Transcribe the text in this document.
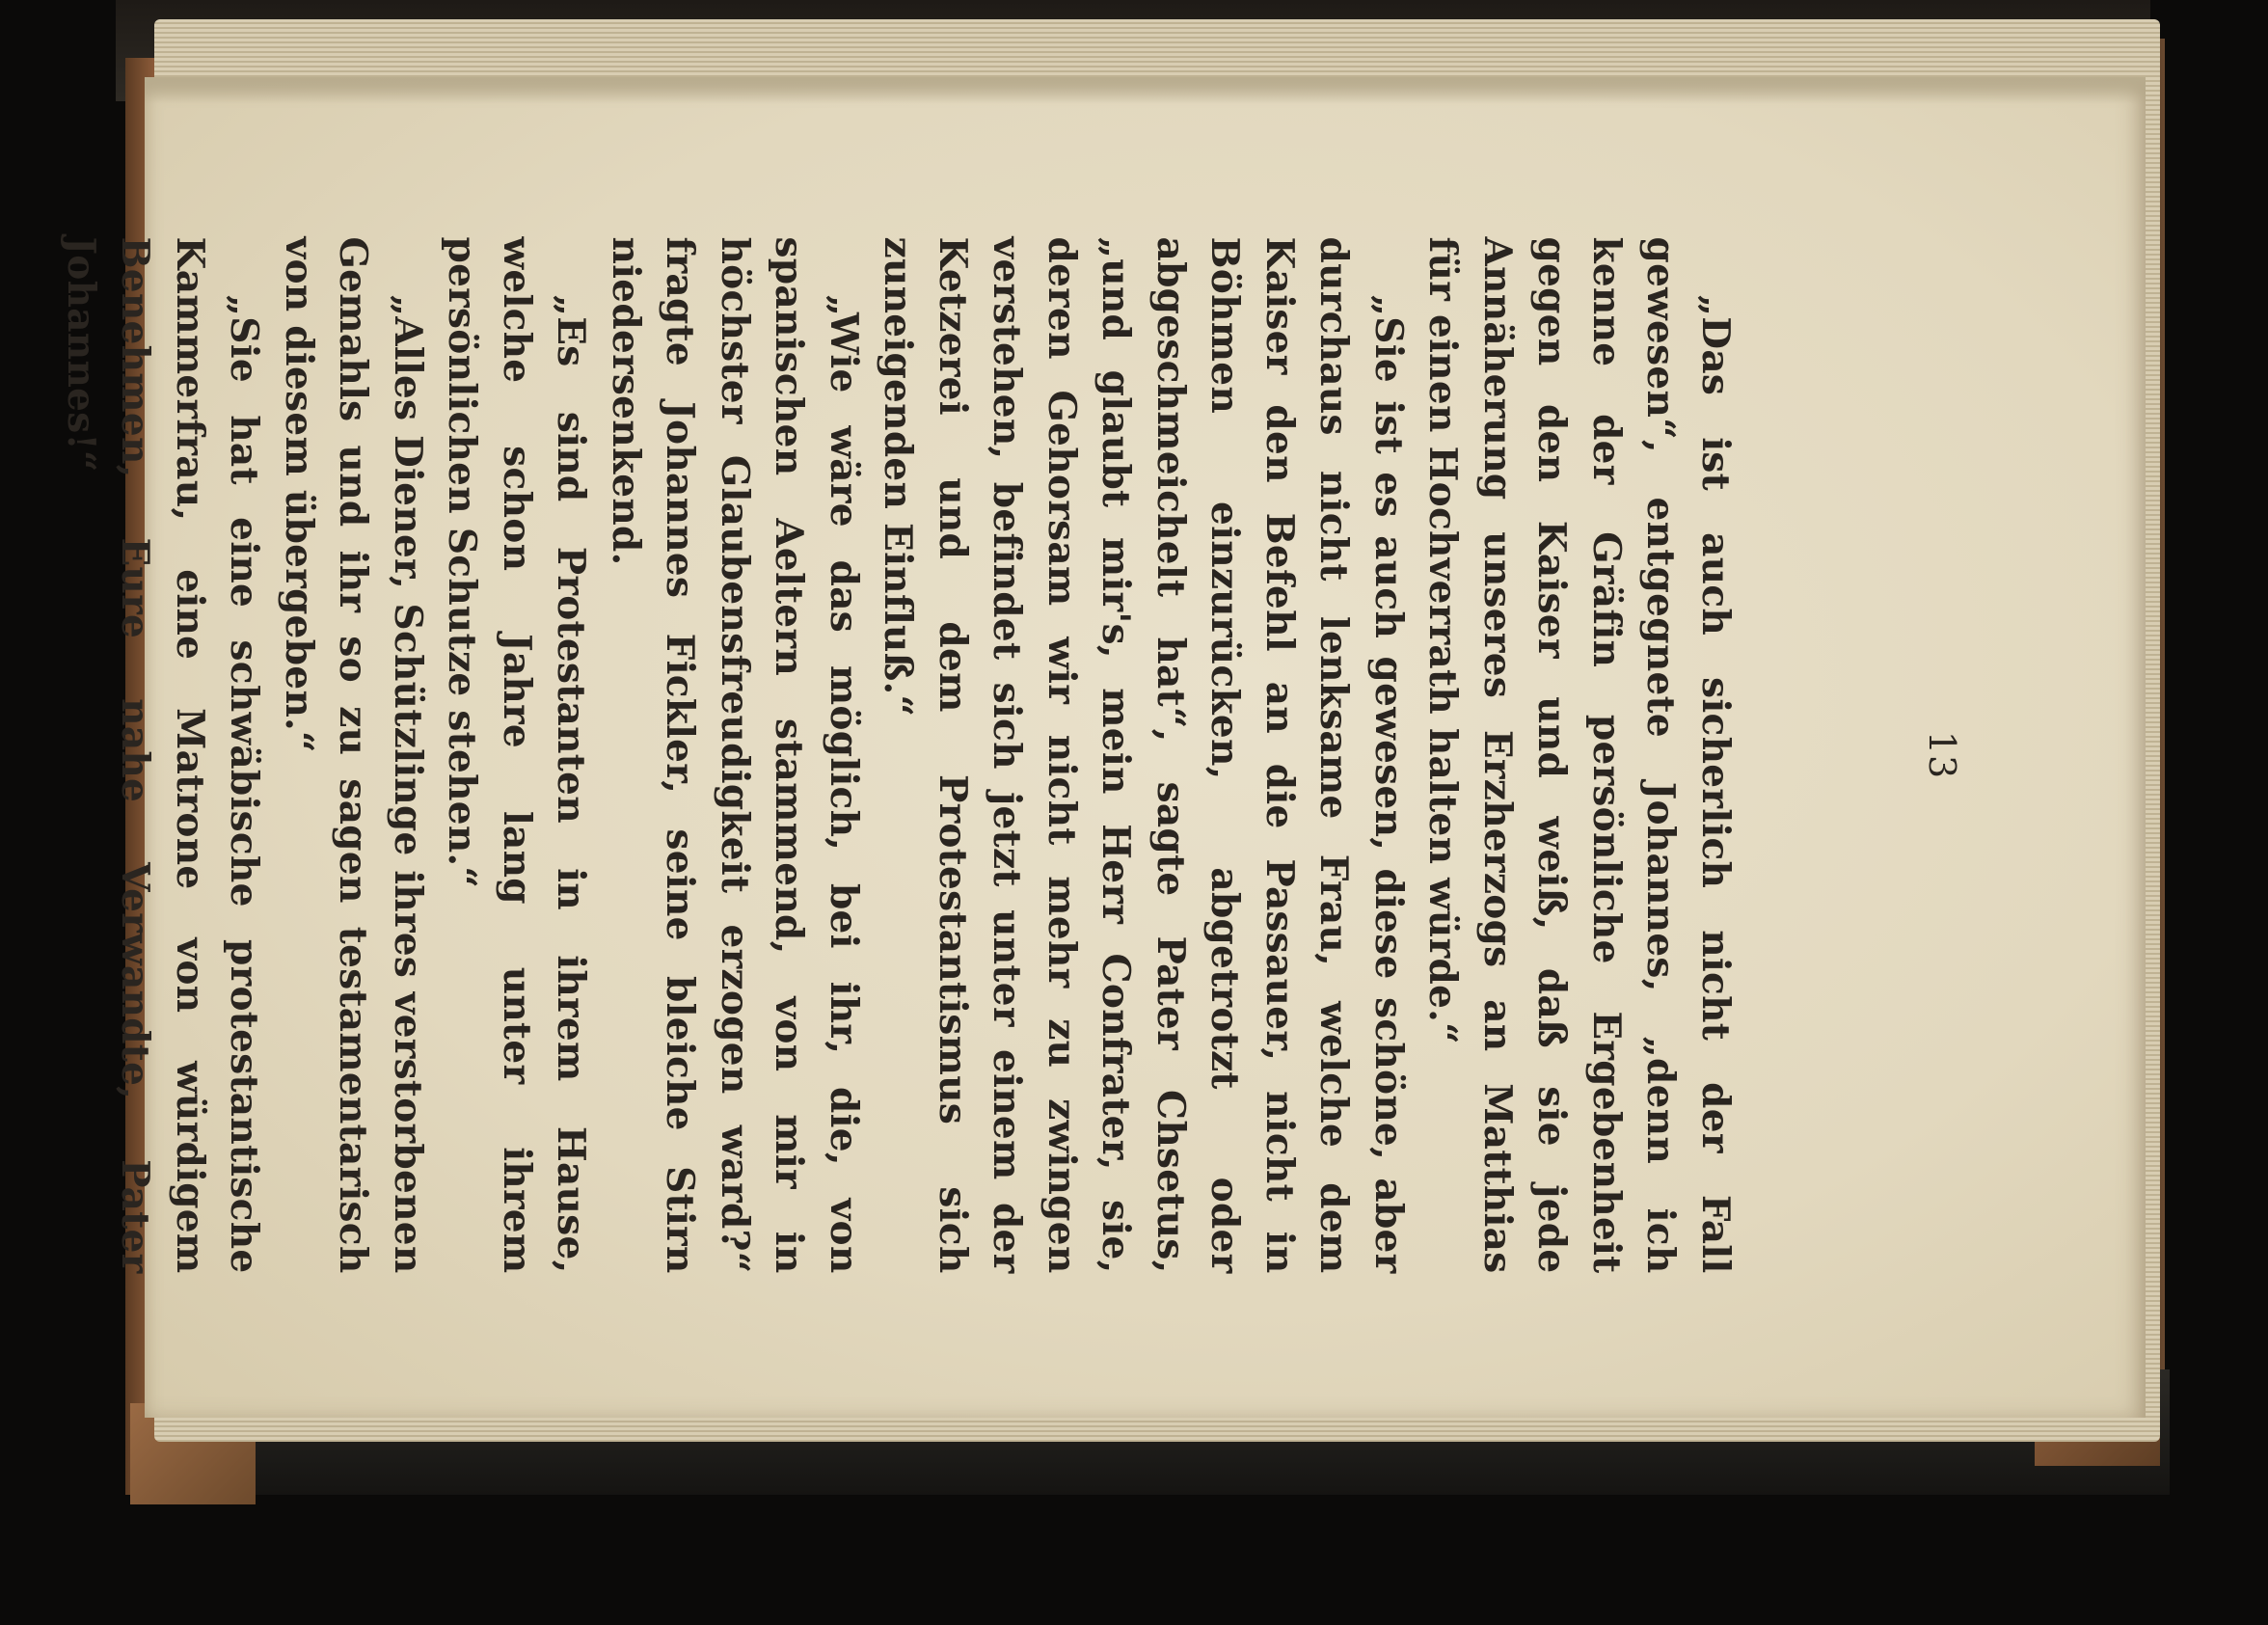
13

„Das ist auch sicherlich nicht der Fall gewesen“, entgegnete Johannes, „denn ich kenne der Gräfin persönliche Ergebenheit gegen den Kaiser und weiß, daß sie jede Annäherung unseres Erzherzogs an Matthias für einen Hochverrath halten würde.“

„Sie ist es auch gewesen, diese schöne, aber durchaus nicht lenksame Frau, welche dem Kaiser den Befehl an die Passauer, nicht in Böhmen einzurücken, abgetrotzt oder abgeschmeichelt hat“, sagte Pater Chsetus, „und glaubt mir's, mein Herr Confrater, sie, deren Gehorsam wir nicht mehr zu zwingen verstehen, befindet sich jetzt unter einem der Ketzerei und dem Protestantismus sich zuneigenden Einfluß.“

„Wie wäre das möglich, bei ihr, die, von spanischen Aeltern stammend, von mir in höchster Glaubensfreudigkeit erzogen ward?“ fragte Johannes Fickler, seine bleiche Stirn niedersenkend.

„Es sind Protestanten in ihrem Hause, welche schon Jahre lang unter ihrem persönlichen Schutze stehen.“

„Alles Diener, Schützlinge ihres verstorbenen Gemahls und ihr so zu sagen testamentarisch von diesem übergeben.“

„Sie hat eine schwäbische protestantische Kammerfrau, eine Matrone von würdigem Benehmen, Eure nahe Verwandte, Pater Johannes!“
